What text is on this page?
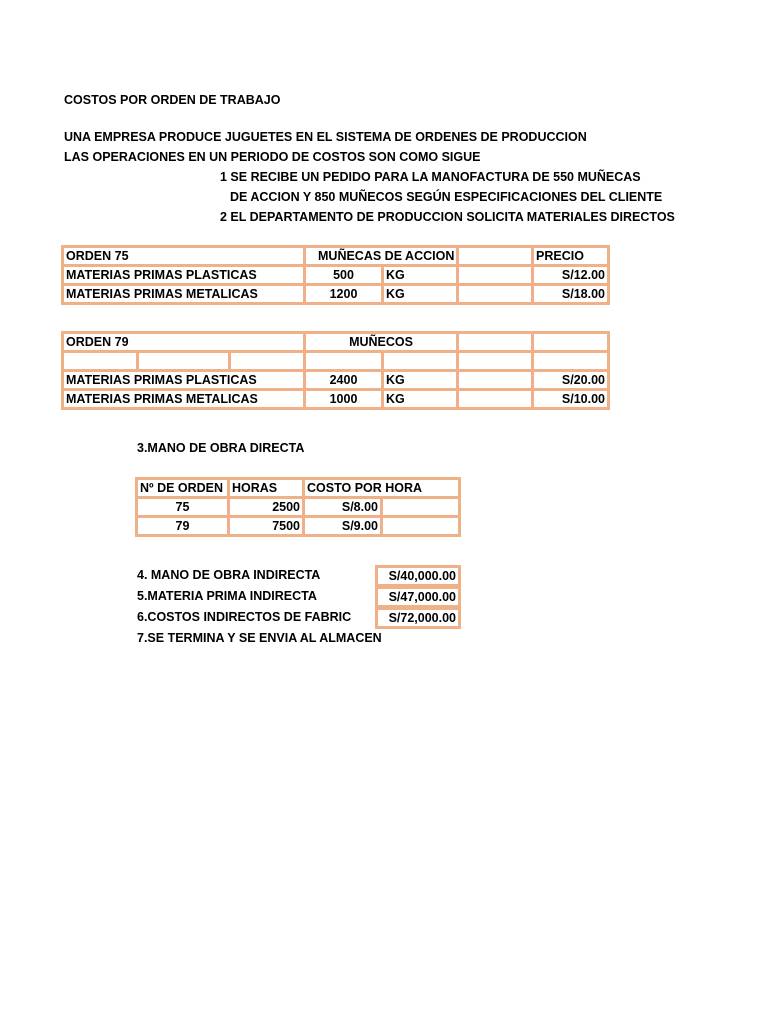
COSTOS POR ORDEN DE TRABAJO
UNA EMPRESA PRODUCE JUGUETES EN EL SISTEMA DE ORDENES DE PRODUCCION
LAS OPERACIONES EN UN PERIODO DE COSTOS SON COMO SIGUE
1 SE RECIBE UN PEDIDO PARA LA MANOFACTURA DE 550 MUÑECAS
DE ACCION Y 850 MUÑECOS SEGÚN ESPECIFICACIONES DEL CLIENTE
2 EL DEPARTAMENTO DE PRODUCCION SOLICITA MATERIALES DIRECTOS
ORDEN 75	MUÑECAS DE ACCION			PRECIO
MATERIAS PRIMAS PLASTICAS	500	KG		S/12.00
MATERIAS PRIMAS METALICAS	1200	KG		S/18.00
ORDEN 79			MUÑECOS			

MATERIAS PRIMAS PLASTICAS			2400	KG		S/20.00
MATERIAS PRIMAS METALICAS			1000	KG		S/10.00
3.MANO DE OBRA DIRECTA
Nº DE ORDEN	HORAS	COSTO POR HORA	
75	2500	S/8.00	
79	7500	S/9.00	
4. MANO DE OBRA INDIRECTA	S/40,000.00
5.MATERIA PRIMA INDIRECTA	S/47,000.00
6.COSTOS INDIRECTOS DE FABRIC	S/72,000.00
7.SE TERMINA Y SE ENVIA AL ALMACEN
